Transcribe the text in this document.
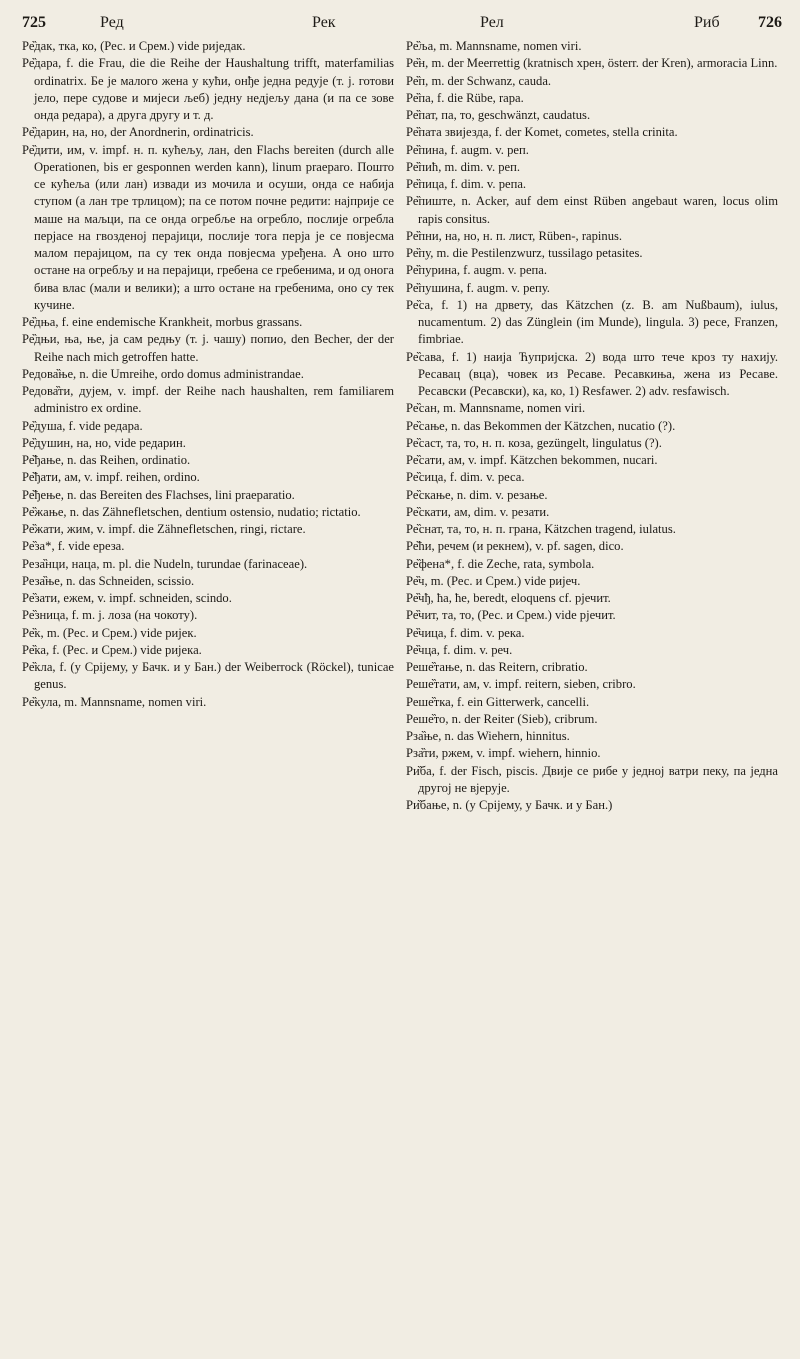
725	Ред	Рек	Рел	Риб 726

Ре̏дак, тка, ко, (Рес. и Срем.) vide риједак.

Ре̏дара, f. die Frau, die die Reihe der Haushaltung trifft, materfamilias ordinatrix. Бе је малого жена у кући, онђе једна редује (т. ј. готови јело, пере судове и мијеси љеб) једну недјељу дана (и па се зове онда редара), а друга другу и т. д.

Ре̏дарин, на, но, der Anordnerin, ordinatricis.

Ре̏дити, им, v. impf. н. п. кућељу, лан, den Flachs bereiten (durch alle Operationen, bis er gesponnen werden kann), linum praeparo. Пошто се кућеља (или лан) извади из мочила и осуши, онда се набија ступом (а лан тре трлицом); па се потом почне редити: најприје се маше на маљци, па се онда огребље на огребло, послије огребла перјасе на гвозденој перајици, послије тога перја је се повјесма малом перајицом, па су тек онда повјесма уређена. А оно што остане на огребљу и на перајици, гребена се гребенима, и од онога бива влас (мали и велики); а што остане на гребенима, оно су тек кучине.

Ре̏дња, f. eine endemische Krankheit, morbus grassans.

Ре̏дњи, ња, ње, ја сам редњу (т. ј. чашу) попио, den Becher, der der Reihe nach mich getroffen hatte.

Редова̏ње, n. die Umreihe, ordo domus administrandae.

Редова̏ти, дујем, v. impf. der Reihe nach haushalten, rem familiarem administro ex ordine.

Ре̏душа, f. vide редара.

Ре̏душин, на, но, vide редарин.

Ре̏ђање, n. das Reihen, ordinatio.

Ре̏ђати, ам, v. impf. reihen, ordino.

Ре̏ђење, n. das Bereiten des Flachses, lini praeparatio.

Ре̏жање, n. das Zähnefletschen, dentium ostensio, nudatio; rictatio.

Ре̏жати, жим, v. impf. die Zähnefletschen, ringi, rictare.

Ре̏за*, f. vide ереза.

Реза̏нци, наца, m. pl. die Nudeln, turundae (farinaceae).

Реза̏ње, n. das Schneiden, scissio.

Ре̏зати, ежем, v. impf. schneiden, scindo.

Ре̏зница, f. m. ј. лоза (на чокоту).

Ре̏к, m. (Рес. и Срем.) vide ријек.

Ре̏ка, f. (Рес. и Срем.) vide ријека.

Ре̏кла, f. (у Срijему, у Бачк. и у Бан.) der Weiberrock (Röckel), tunicae genus.

Ре̏кула, m. Mannsname, nomen viri.

Ре̏ља, m. Mannsname, nomen viri.

Ре̏н, m. der Meerrettig (kratnisch хрен, österr. der Kren), armoracia Linn.

Ре̏п, m. der Schwanz, cauda.

Ре̏па, f. die Rübe, rapa.

Ре̏пат, па, то, geschwänzt, caudatus.

Ре̏пата звијезда, f. der Komet, cometes, stella crinita.

Ре̏пина, f. augm. v. реп.

Ре̏пић, m. dim. v. реп.

Ре̏пица, f. dim. v. репа.

Ре̏пиште, n. Acker, auf dem einst Rüben angebaut waren, locus olim rapis consitus.

Ре̏пни, на, но, н. п. лист, Rüben-, rapinus.

Ре̏пу, m. die Pestilenzwurz, tussilago petasites.

Ре̏пурина, f. augm. v. репа.

Ре̏пушина, f. augm. v. репу.

Ре̏са, f. 1) на дрвету, das Kätzchen (z. B. am Nußbaum), iulus, nucamentum. 2) das Zünglein (im Munde), lingula. 3) ресе, Franzen, fimbriae.

Ре̏сава, f. 1) наиjа Ћупријска. 2) вода што тече кроз ту нахију. Ресавац (вца), човек из Ресаве. Ресавкиња, жена из Ресаве. Ресавски (Ресавски), ка, ко, 1) Resfawer. 2) adv. resfawisch.

Ре̏сан, m. Mannsname, nomen viri.

Ре̏сање, n. das Bekommen der Kätzchen, nucatio (?).

Ре̏саст, та, то, н. п. коза, gezüngelt, lingulatus (?).

Ре̏сати, ам, v. impf. Kätzchen bekommen, nucari.

Ре̏сица, f. dim. v. реса.

Ре̏скање, n. dim. v. резање.

Ре̏скати, ам, dim. v. резати.

Ре̏снат, та, то, н. п. грана, Kätzchen tragend, iulatus.

Ре̏ћи, речем (и рекнем), v. pf. sagen, dico.

Ре̏фена*, f. die Zeche, rata, symbola.

Ре̏ч, m. (Рес. и Срем.) vide ријеч.

Ре̏чђ, ћа, ће, beredt, eloquens cf. рјечит.

Ре̏чит, та, то, (Рес. и Срем.) vide рјечит.

Ре̏чица, f. dim. v. река.

Ре̏чца, f. dim. v. реч.

Реше̏тање, n. das Reitern, cribratio.

Реше̏тати, ам, v. impf. reitern, sieben, cribro.

Реше̏тка, f. ein Gitterwerk, cancelli.

Реше̏то, n. der Reiter (Sieb), cribrum.

Рза̏ње, n. das Wiehern, hinnitus.

Рза̏ти, ржем, v. impf. wiehern, hinnio.

Ри̏ба, f. der Fisch, piscis. Двије се рибе у једној ватри пеку, па једна другој не вјерује.

Ри̏бање, n. (у Срijему, у Бачк. и у Бан.)
